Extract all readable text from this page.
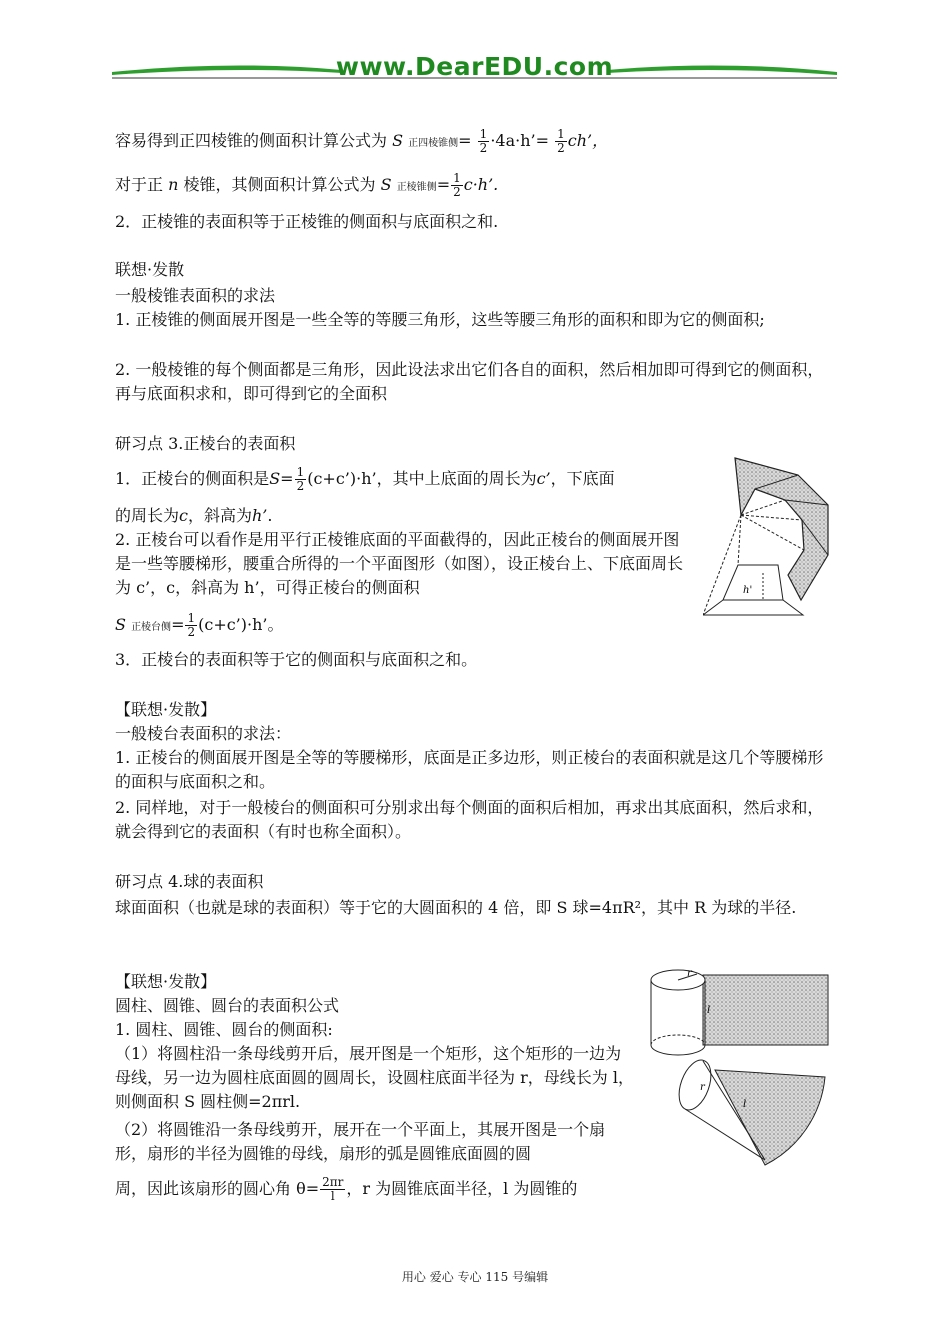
www.DearEDU.com
容易得到正四棱锥的侧面积计算公式为 S 正四棱锥侧= $\frac{1}{2}$ ·4a·h’= $\frac{1}{2}$ ch’，
对于正 n 棱锥，其侧面积计算公式为 S 正棱锥侧= $\frac{1}{2} c\cdot h$’.
2．正棱锥的表面积等于正棱锥的侧面积与底面积之和.
联想·发散
一般棱锥表面积的求法
1. 正棱锥的侧面展开图是一些全等的等腰三角形，这些等腰三角形的面积和即为它的侧面积;
2. 一般棱锥的每个侧面都是三角形，因此设法求出它们各自的面积，然后相加即可得到它的侧面积，再与底面积求和，即可得到它的全面积
研习点 3.正棱台的表面积
1．正棱台的侧面积是$S= \frac{1}{2}$ (c+c’)·h’，其中上底面的周长为c’，下底面
的周长为c，斜高为h’.
2. 正棱台可以看作是用平行正棱锥底面的平面截得的，因此正棱台的侧面展开图是一些等腰梯形，腰重合所得的一个平面图形（如图），设正棱台上、下底面周长为 c’，c，斜高为 h’，可得正棱台的侧面积
S 正棱台侧= $\frac{1}{2}$ (c+c’)·h’。
3．正棱台的表面积等于它的侧面积与底面积之和。
h'
【联想·发散】
一般棱台表面积的求法：
1. 正棱台的侧面展开图是全等的等腰梯形，底面是正多边形，则正棱台的表面积就是这几个等腰梯形的面积与底面积之和。
2. 同样地，对于一般棱台的侧面积可分别求出每个侧面的面积后相加，再求出其底面积，然后求和，就会得到它的表面积（有时也称全面积）。
研习点 4.球的表面积
球面面积（也就是球的表面积）等于它的大圆面积的 4 倍，即 S 球=4πR²，其中 R 为球的半径.
【联想·发散】
圆柱、圆锥、圆台的表面积公式
1. 圆柱、圆锥、圆台的侧面积:
（1）将圆柱沿一条母线剪开后，展开图是一个矩形，这个矩形的一边为母线，另一边为圆柱底面圆的圆周长，设圆柱底面半径为 r，母线长为 l，则侧面积 S 圆柱侧=2πrl.
（2）将圆锥沿一条母线剪开，展开在一个平面上，其展开图是一个扇形，扇形的半径为圆锥的母线，扇形的弧是圆锥底面圆的圆
周，因此该扇形的圆心角 $\theta= \frac{2\pi r}{l}$ ，r 为圆锥底面半径，l 为圆锥的
r
l
r
l
用心 爱心 专心 115 号编辑
